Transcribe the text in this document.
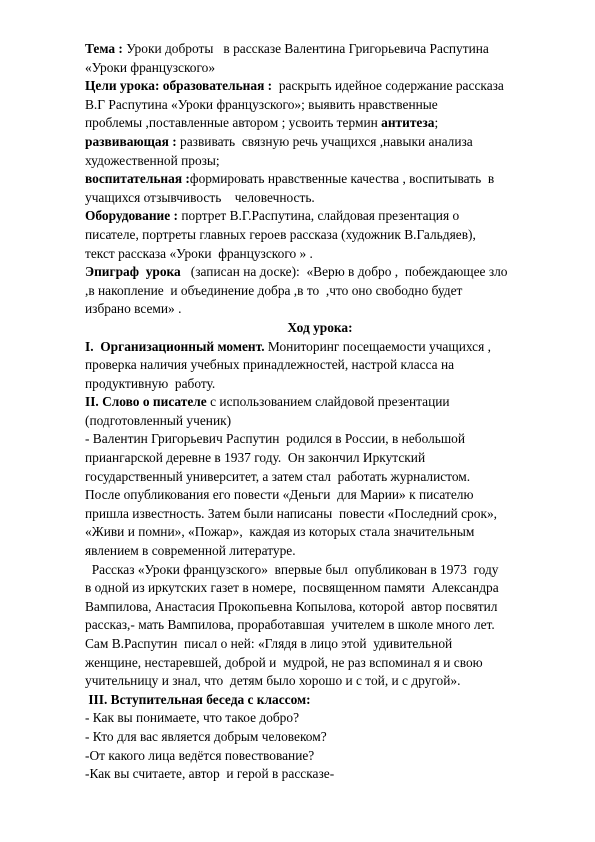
Тема : Уроки доброты   в рассказе Валентина Григорьевича Распутина
«Уроки французского»
Цели урока: образовательная :  раскрыть идейное содержание рассказа
В.Г Распутина «Уроки французского»; выявить нравственные
проблемы ,поставленные автором ; усвоить термин антитеза;
развивающая : развивать  связную речь учащихся ,навыки анализа
художественной прозы;
воспитательная :формировать нравственные качества , воспитывать  в
учащихся отзывчивость    человечность.
Оборудование : портрет В.Г.Распутина, слайдовая презентация о
писателе, портреты главных героев рассказа (художник В.Гальдяев),
текст рассказа «Уроки  французского » .
Эпиграф  урока   (записан на доске):  «Верю в добро ,  побеждающее зло
,в накопление  и объединение добра ,в то  ,что оно свободно будет
избрано всеми» .
Ход урока:
I.  Организационный момент. Мониторинг посещаемости учащихся ,
проверка наличия учебных принадлежностей, настрой класса на
продуктивную  работу.
II. Слово о писателе с использованием слайдовой презентации
(подготовленный ученик)
- Валентин Григорьевич Распутин  родился в России, в небольшой
приангарской деревне в 1937 году.  Он закончил Иркутский
государственный университет, а затем стал  работать журналистом.
После опубликования его повести «Деньги  для Марии» к писателю
пришла известность. Затем были написаны  повести «Последний срок»,
«Живи и помни», «Пожар»,  каждая из которых стала значительным
явлением в современной литературе.
Рассказ «Уроки французского»  впервые был  опубликован в 1973  году
в одной из иркутских газет в номере,  посвященном памяти  Александра
Вампилова, Анастасия Прокопьевна Копылова, которой  автор посвятил
рассказ,- мать Вампилова, проработавшая  учителем в школе много лет.
Сам В.Распутин  писал о ней: «Глядя в лицо этой  удивительной
женщине, нестаревшей, доброй и  мудрой, не раз вспоминал я и свою
учительницу и знал, что  детям было хорошо и с той, и с другой».
III. Вступительная беседа с классом:
- Как вы понимаете, что такое добро?
- Кто для вас является добрым человеком?
-От какого лица ведётся повествование?
-Как вы считаете, автор  и герой в рассказе-
